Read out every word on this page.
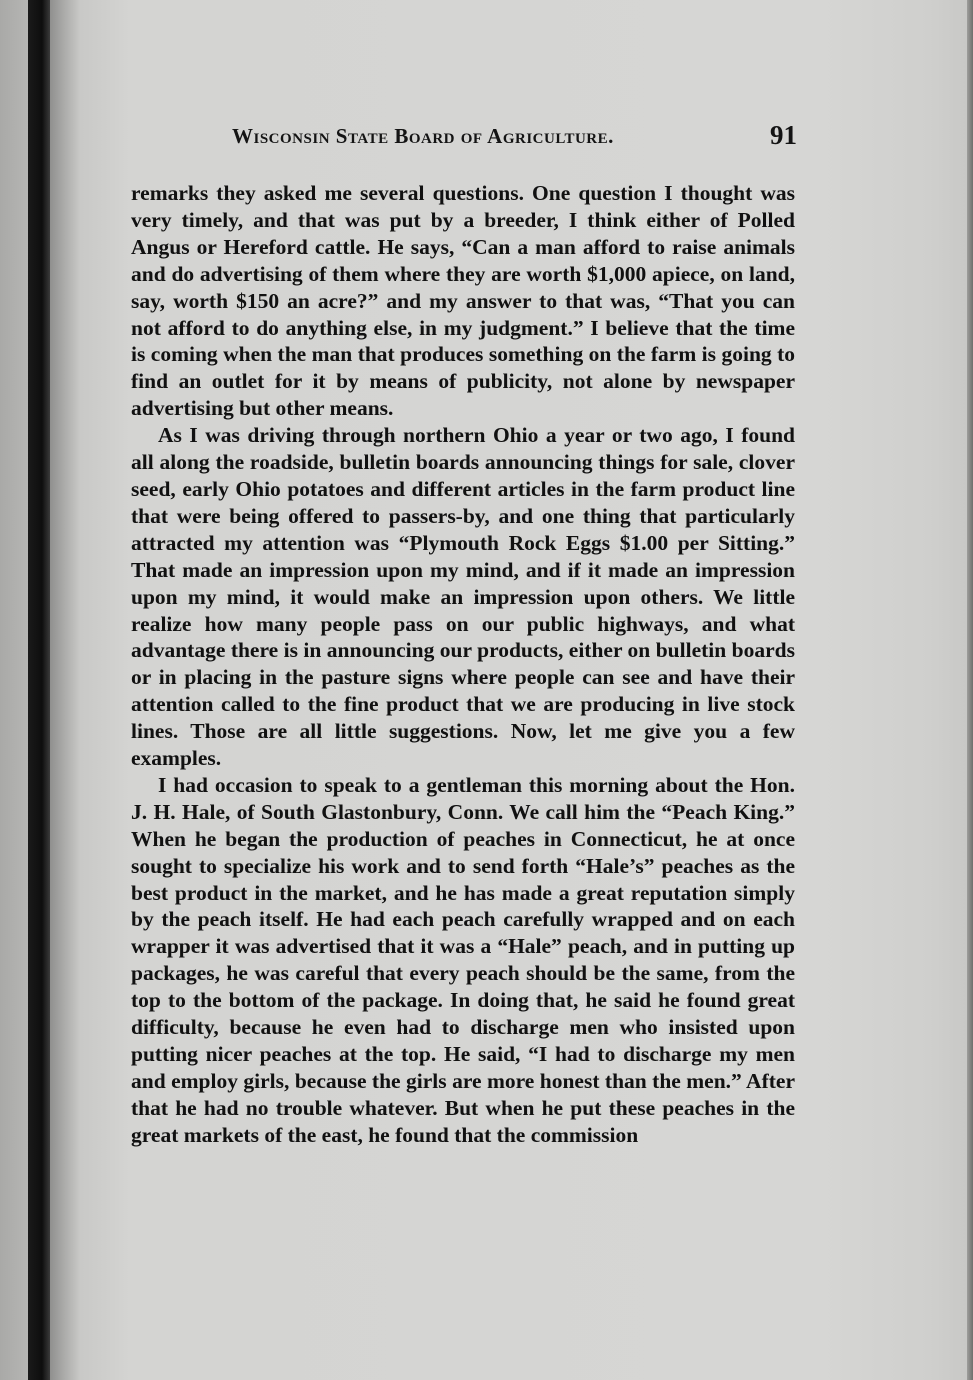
Wisconsin State Board of Agriculture.	91

remarks they asked me several questions. One question I thought was very timely, and that was put by a breeder, I think either of Polled Angus or Hereford cattle. He says, “Can a man afford to raise animals and do advertising of them where they are worth $1,000 apiece, on land, say, worth $150 an acre?” and my answer to that was, “That you can not afford to do anything else, in my judgment.” I believe that the time is coming when the man that produces something on the farm is going to find an outlet for it by means of publicity, not alone by newspaper advertising but other means.

As I was driving through northern Ohio a year or two ago, I found all along the roadside, bulletin boards announcing things for sale, clover seed, early Ohio potatoes and different articles in the farm product line that were being offered to passers-by, and one thing that particularly attracted my attention was “Plymouth Rock Eggs $1.00 per Sitting.” That made an impression upon my mind, and if it made an impression upon my mind, it would make an impression upon others. We little realize how many people pass on our public highways, and what advantage there is in announcing our products, either on bulletin boards or in placing in the pasture signs where people can see and have their attention called to the fine product that we are producing in live stock lines. Those are all little suggestions. Now, let me give you a few examples.

I had occasion to speak to a gentleman this morning about the Hon. J. H. Hale, of South Glastonbury, Conn. We call him the “Peach King.” When he began the production of peaches in Connecticut, he at once sought to specialize his work and to send forth “Hale’s” peaches as the best product in the market, and he has made a great reputation simply by the peach itself. He had each peach carefully wrapped and on each wrapper it was advertised that it was a “Hale” peach, and in putting up packages, he was careful that every peach should be the same, from the top to the bottom of the package. In doing that, he said he found great difficulty, because he even had to discharge men who insisted upon putting nicer peaches at the top. He said, “I had to discharge my men and employ girls, because the girls are more honest than the men.” After that he had no trouble whatever. But when he put these peaches in the great markets of the east, he found that the commission
